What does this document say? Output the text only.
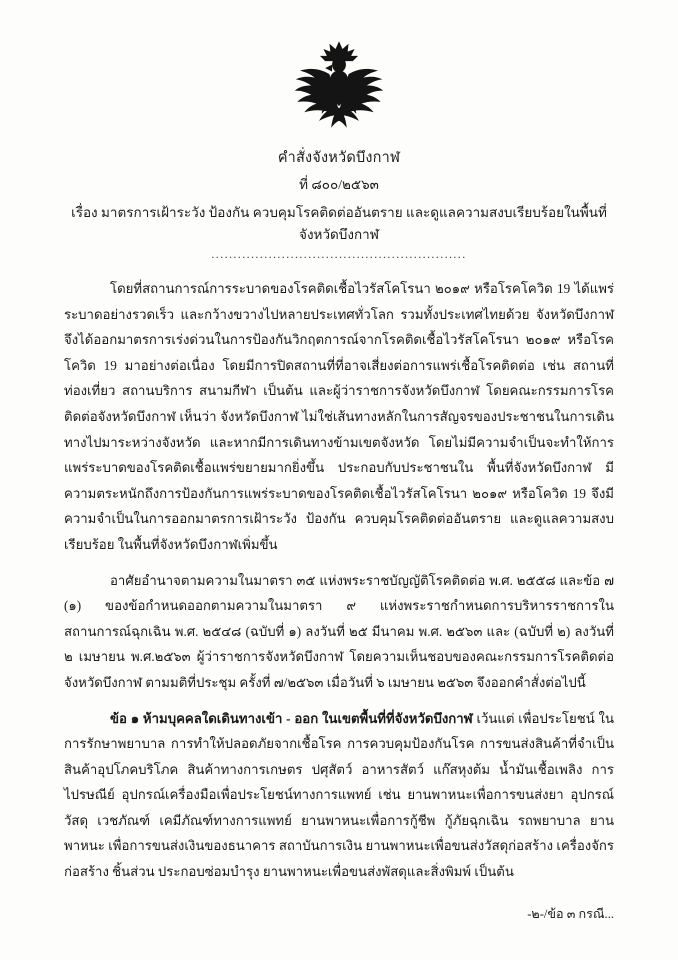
คำสั่งจังหวัดบึงกาฬ
ที่ ๘๐๐/๒๕๖๓
เรื่อง มาตรการเฝ้าระวัง ป้องกัน ควบคุมโรคติดต่ออันตราย และดูแลความสงบเรียบร้อยในพื้นที่จังหวัดบึงกาฬ
..........................................................

โดยที่สถานการณ์การระบาดของโรคติดเชื้อไวรัสโคโรนา ๒๐๑๙ หรือโรคโควิด 19 ได้แพร่ระบาดอย่างรวดเร็ว และกว้างขวางไปหลายประเทศทั่วโลก รวมทั้งประเทศไทยด้วย จังหวัดบึงกาฬ จึงได้ออกมาตรการเร่งด่วนในการป้องกันวิกฤตการณ์จากโรคติดเชื้อไวรัสโคโรนา ๒๐๑๙ หรือโรคโควิด 19 มาอย่างต่อเนื่อง โดยมีการปิดสถานที่ที่อาจเสี่ยงต่อการแพร่เชื้อโรคติดต่อ เช่น สถานที่ท่องเที่ยว สถานบริการ สนามกีฬา เป็นต้น และผู้ว่าราชการจังหวัดบึงกาฬ โดยคณะกรรมการโรคติดต่อจังหวัดบึงกาฬ เห็นว่า จังหวัดบึงกาฬ ไม่ใช่เส้นทางหลักในการสัญจรของประชาชนในการเดินทางไปมาระหว่างจังหวัด และหากมีการเดินทางข้ามเขตจังหวัด โดยไม่มีความจำเป็นจะทำให้การแพร่ระบาดของโรคติดเชื้อแพร่ขยายมากยิ่งขึ้น ประกอบกับประชาชนใน พื้นที่จังหวัดบึงกาฬ มีความตระหนักถึงการป้องกันการแพร่ระบาดของโรคติดเชื้อไวรัสโคโรนา ๒๐๑๙ หรือโควิด 19 จึงมีความจำเป็นในการออกมาตรการเฝ้าระวัง ป้องกัน ควบคุมโรคติดต่ออันตราย และดูแลความสงบเรียบร้อย ในพื้นที่จังหวัดบึงกาฬเพิ่มขึ้น

อาศัยอำนาจตามความในมาตรา ๓๕ แห่งพระราชบัญญัติโรคติดต่อ พ.ศ. ๒๕๕๘ และข้อ ๗ (๑) ของข้อกำหนดออกตามความในมาตรา ๙ แห่งพระราชกำหนดการบริหารราชการในสถานการณ์ฉุกเฉิน พ.ศ. ๒๕๔๘ (ฉบับที่ ๑) ลงวันที่ ๒๕ มีนาคม พ.ศ. ๒๕๖๓ และ (ฉบับที่ ๒) ลงวันที่ ๒ เมษายน พ.ศ.๒๕๖๓ ผู้ว่าราชการจังหวัดบึงกาฬ โดยความเห็นชอบของคณะกรรมการโรคติดต่อจังหวัดบึงกาฬ ตามมติที่ประชุม ครั้งที่ ๗/๒๕๖๓ เมื่อวันที่ ๖ เมษายน ๒๕๖๓ จึงออกคำสั่งต่อไปนี้

ข้อ ๑ ห้ามบุคคลใดเดินทางเข้า - ออก ในเขตพื้นที่ที่จังหวัดบึงกาฬ เว้นแต่ เพื่อประโยชน์ ในการรักษาพยาบาล การทำให้ปลอดภัยจากเชื้อโรค การควบคุมป้องกันโรค การขนส่งสินค้าที่จำเป็น สินค้าอุปโภคบริโภค สินค้าทางการเกษตร ปศุสัตว์ อาหารสัตว์ แก๊สหุงต้ม น้ำมันเชื้อเพลิง การไปรษณีย์ อุปกรณ์เครื่องมือเพื่อประโยชน์ทางการแพทย์ เช่น ยานพาหนะเพื่อการขนส่งยา อุปกรณ์วัสดุ เวชภัณฑ์ เคมีภัณฑ์ทางการแพทย์ ยานพาหนะเพื่อการกู้ชีพ กู้ภัยฉุกเฉิน รถพยาบาล ยานพาหนะ เพื่อการขนส่งเงินของธนาคาร สถาบันการเงิน ยานพาหนะเพื่อขนส่งวัสดุก่อสร้าง เครื่องจักรก่อสร้าง ชิ้นส่วน ประกอบซ่อมบำรุง ยานพาหนะเพื่อขนส่งพัสดุและสิ่งพิมพ์ เป็นต้น

-๒-/ข้อ ๓ กรณี...
